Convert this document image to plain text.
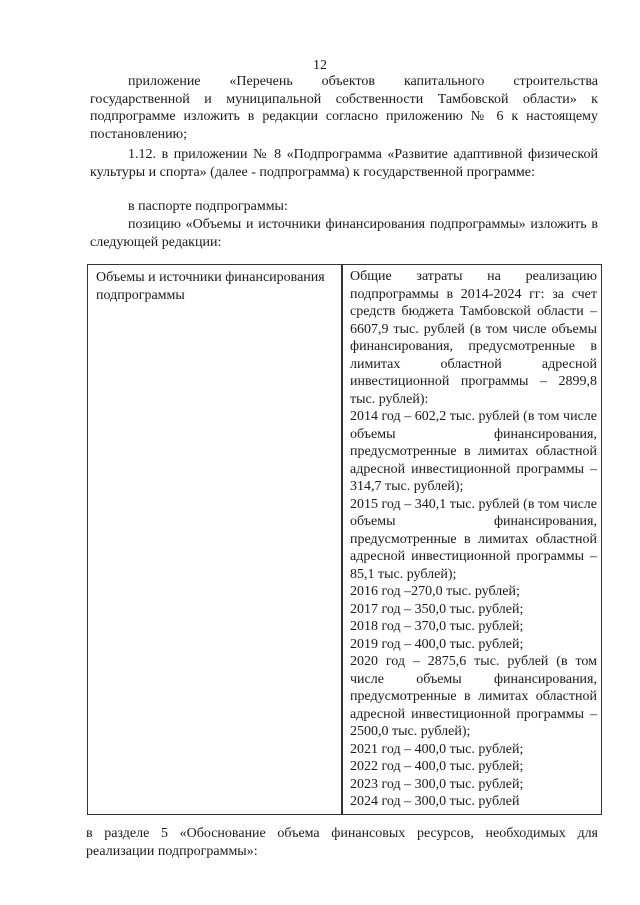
12
приложение «Перечень объектов капитального строительства государственной и муниципальной собственности Тамбовской области» к подпрограмме изложить в редакции согласно приложению № 6 к настоящему постановлению;
1.12. в приложении № 8 «Подпрограмма «Развитие адаптивной физической культуры и спорта» (далее - подпрограмма) к государственной программе:
в паспорте подпрограммы:
позицию «Объемы и источники финансирования подпрограммы» изложить в следующей редакции:
Объемы и источники финансирования подпрограммы
Общие затраты на реализацию подпрограммы в 2014-2024 гг: за счет средств бюджета Тамбовской области – 6607,9 тыс. рублей (в том числе объемы финансирования, предусмотренные в лимитах областной адресной инвестиционной программы – 2899,8 тыс. рублей):
2014 год – 602,2 тыс. рублей (в том числе объемы финансирования, предусмотренные в лимитах областной адресной инвестиционной программы – 314,7 тыс. рублей);
2015 год – 340,1 тыс. рублей (в том числе объемы финансирования, предусмотренные в лимитах областной адресной инвестиционной программы – 85,1 тыс. рублей);
2016 год –270,0 тыс. рублей;
2017 год – 350,0 тыс. рублей;
2018 год – 370,0 тыс. рублей;
2019 год – 400,0 тыс. рублей;
2020 год – 2875,6 тыс. рублей (в том числе объемы финансирования, предусмотренные в лимитах областной адресной инвестиционной программы – 2500,0 тыс. рублей);
2021 год – 400,0 тыс. рублей;
2022 год – 400,0 тыс. рублей;
2023 год – 300,0 тыс. рублей;
2024 год – 300,0 тыс. рублей
в разделе 5 «Обоснование объема финансовых ресурсов, необходимых для реализации подпрограммы»:
